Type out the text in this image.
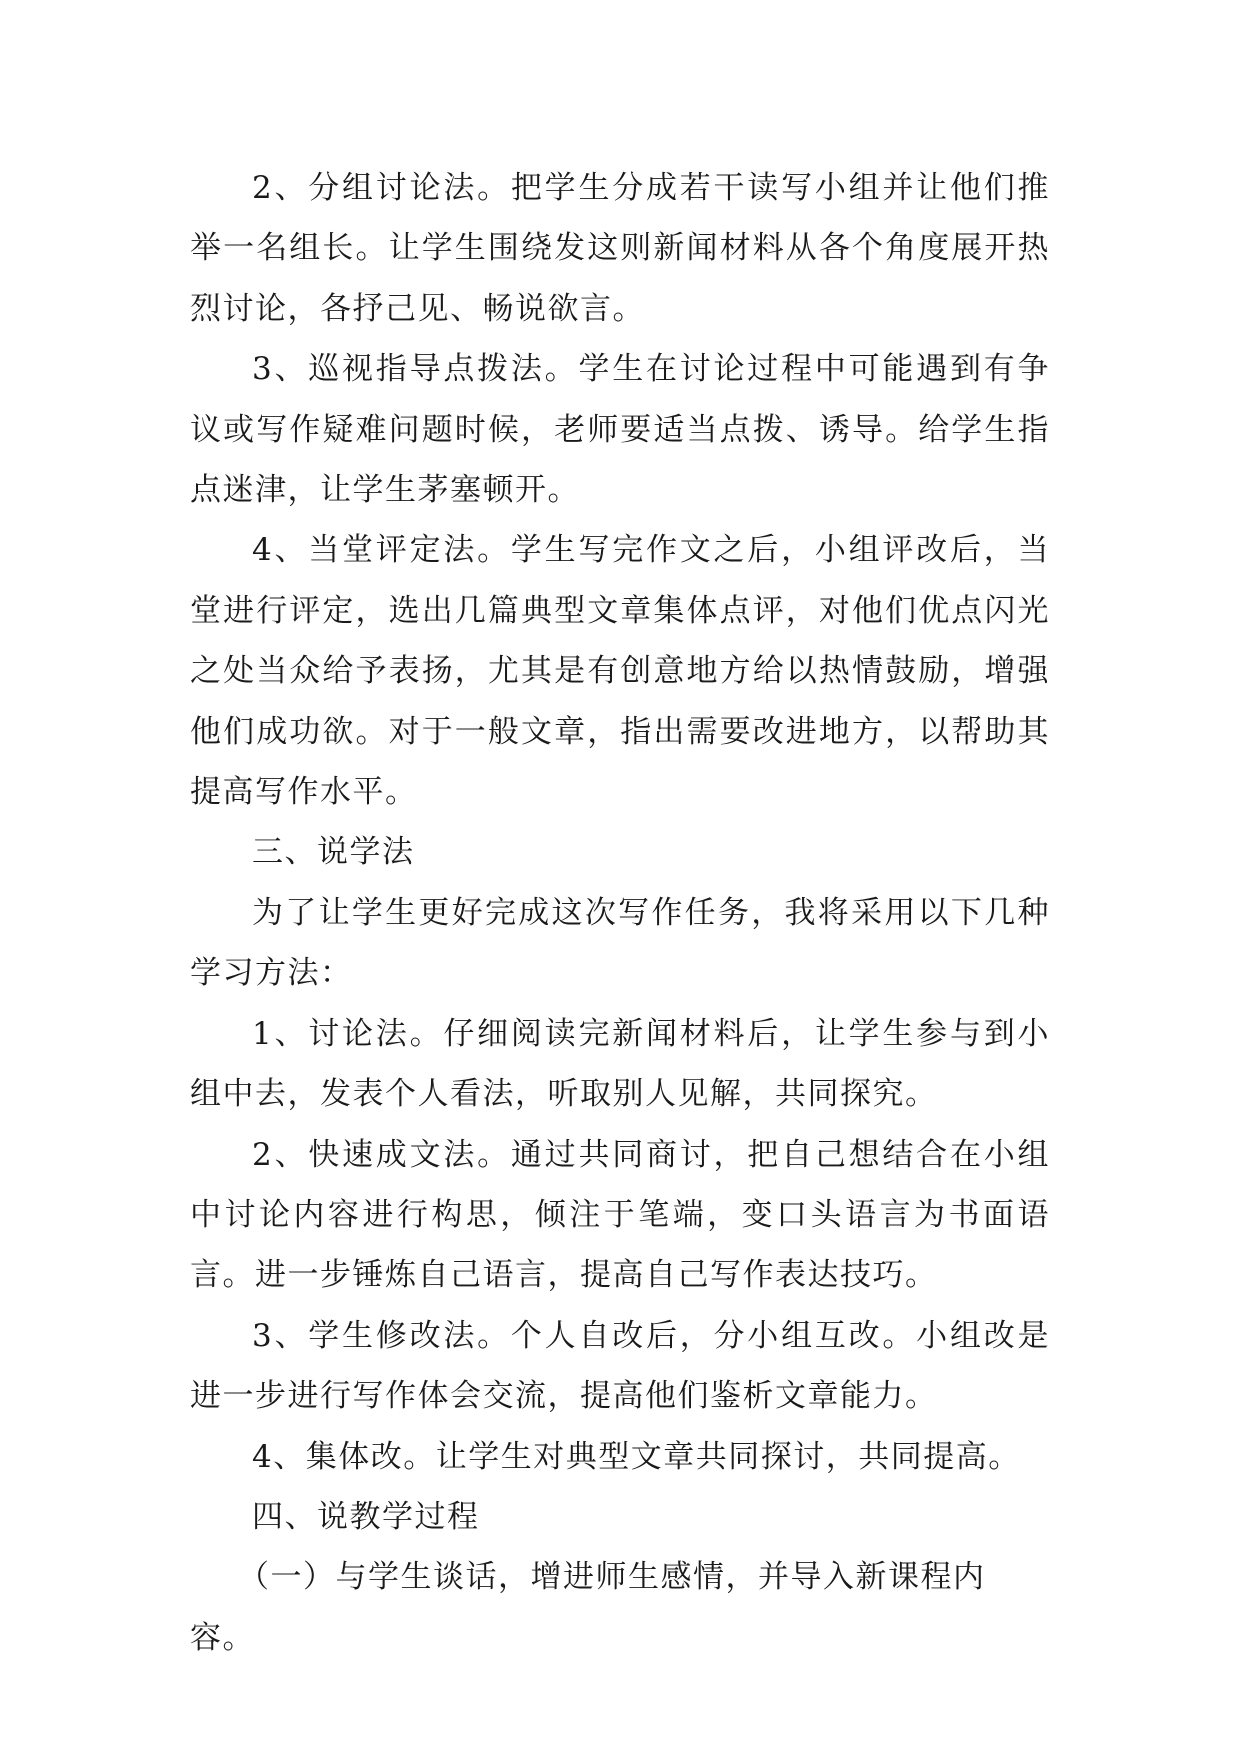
2、分组讨论法。把学生分成若干读写小组并让他们推举一名组长。让学生围绕发这则新闻材料从各个角度展开热烈讨论，各抒己见、畅说欲言。

3、巡视指导点拨法。学生在讨论过程中可能遇到有争议或写作疑难问题时候，老师要适当点拨、诱导。给学生指点迷津，让学生茅塞顿开。

4、当堂评定法。学生写完作文之后，小组评改后，当堂进行评定，选出几篇典型文章集体点评，对他们优点闪光之处当众给予表扬，尤其是有创意地方给以热情鼓励，增强他们成功欲。对于一般文章，指出需要改进地方，以帮助其提高写作水平。

三、说学法

为了让学生更好完成这次写作任务，我将采用以下几种学习方法：

1、讨论法。仔细阅读完新闻材料后，让学生参与到小组中去，发表个人看法，听取别人见解，共同探究。

2、快速成文法。通过共同商讨，把自己想结合在小组中讨论内容进行构思，倾注于笔端，变口头语言为书面语言。进一步锤炼自己语言，提高自己写作表达技巧。

3、学生修改法。个人自改后，分小组互改。小组改是进一步进行写作体会交流，提高他们鉴析文章能力。

4、集体改。让学生对典型文章共同探讨，共同提高。

四、说教学过程

（一）与学生谈话，增进师生感情，并导入新课程内容。
